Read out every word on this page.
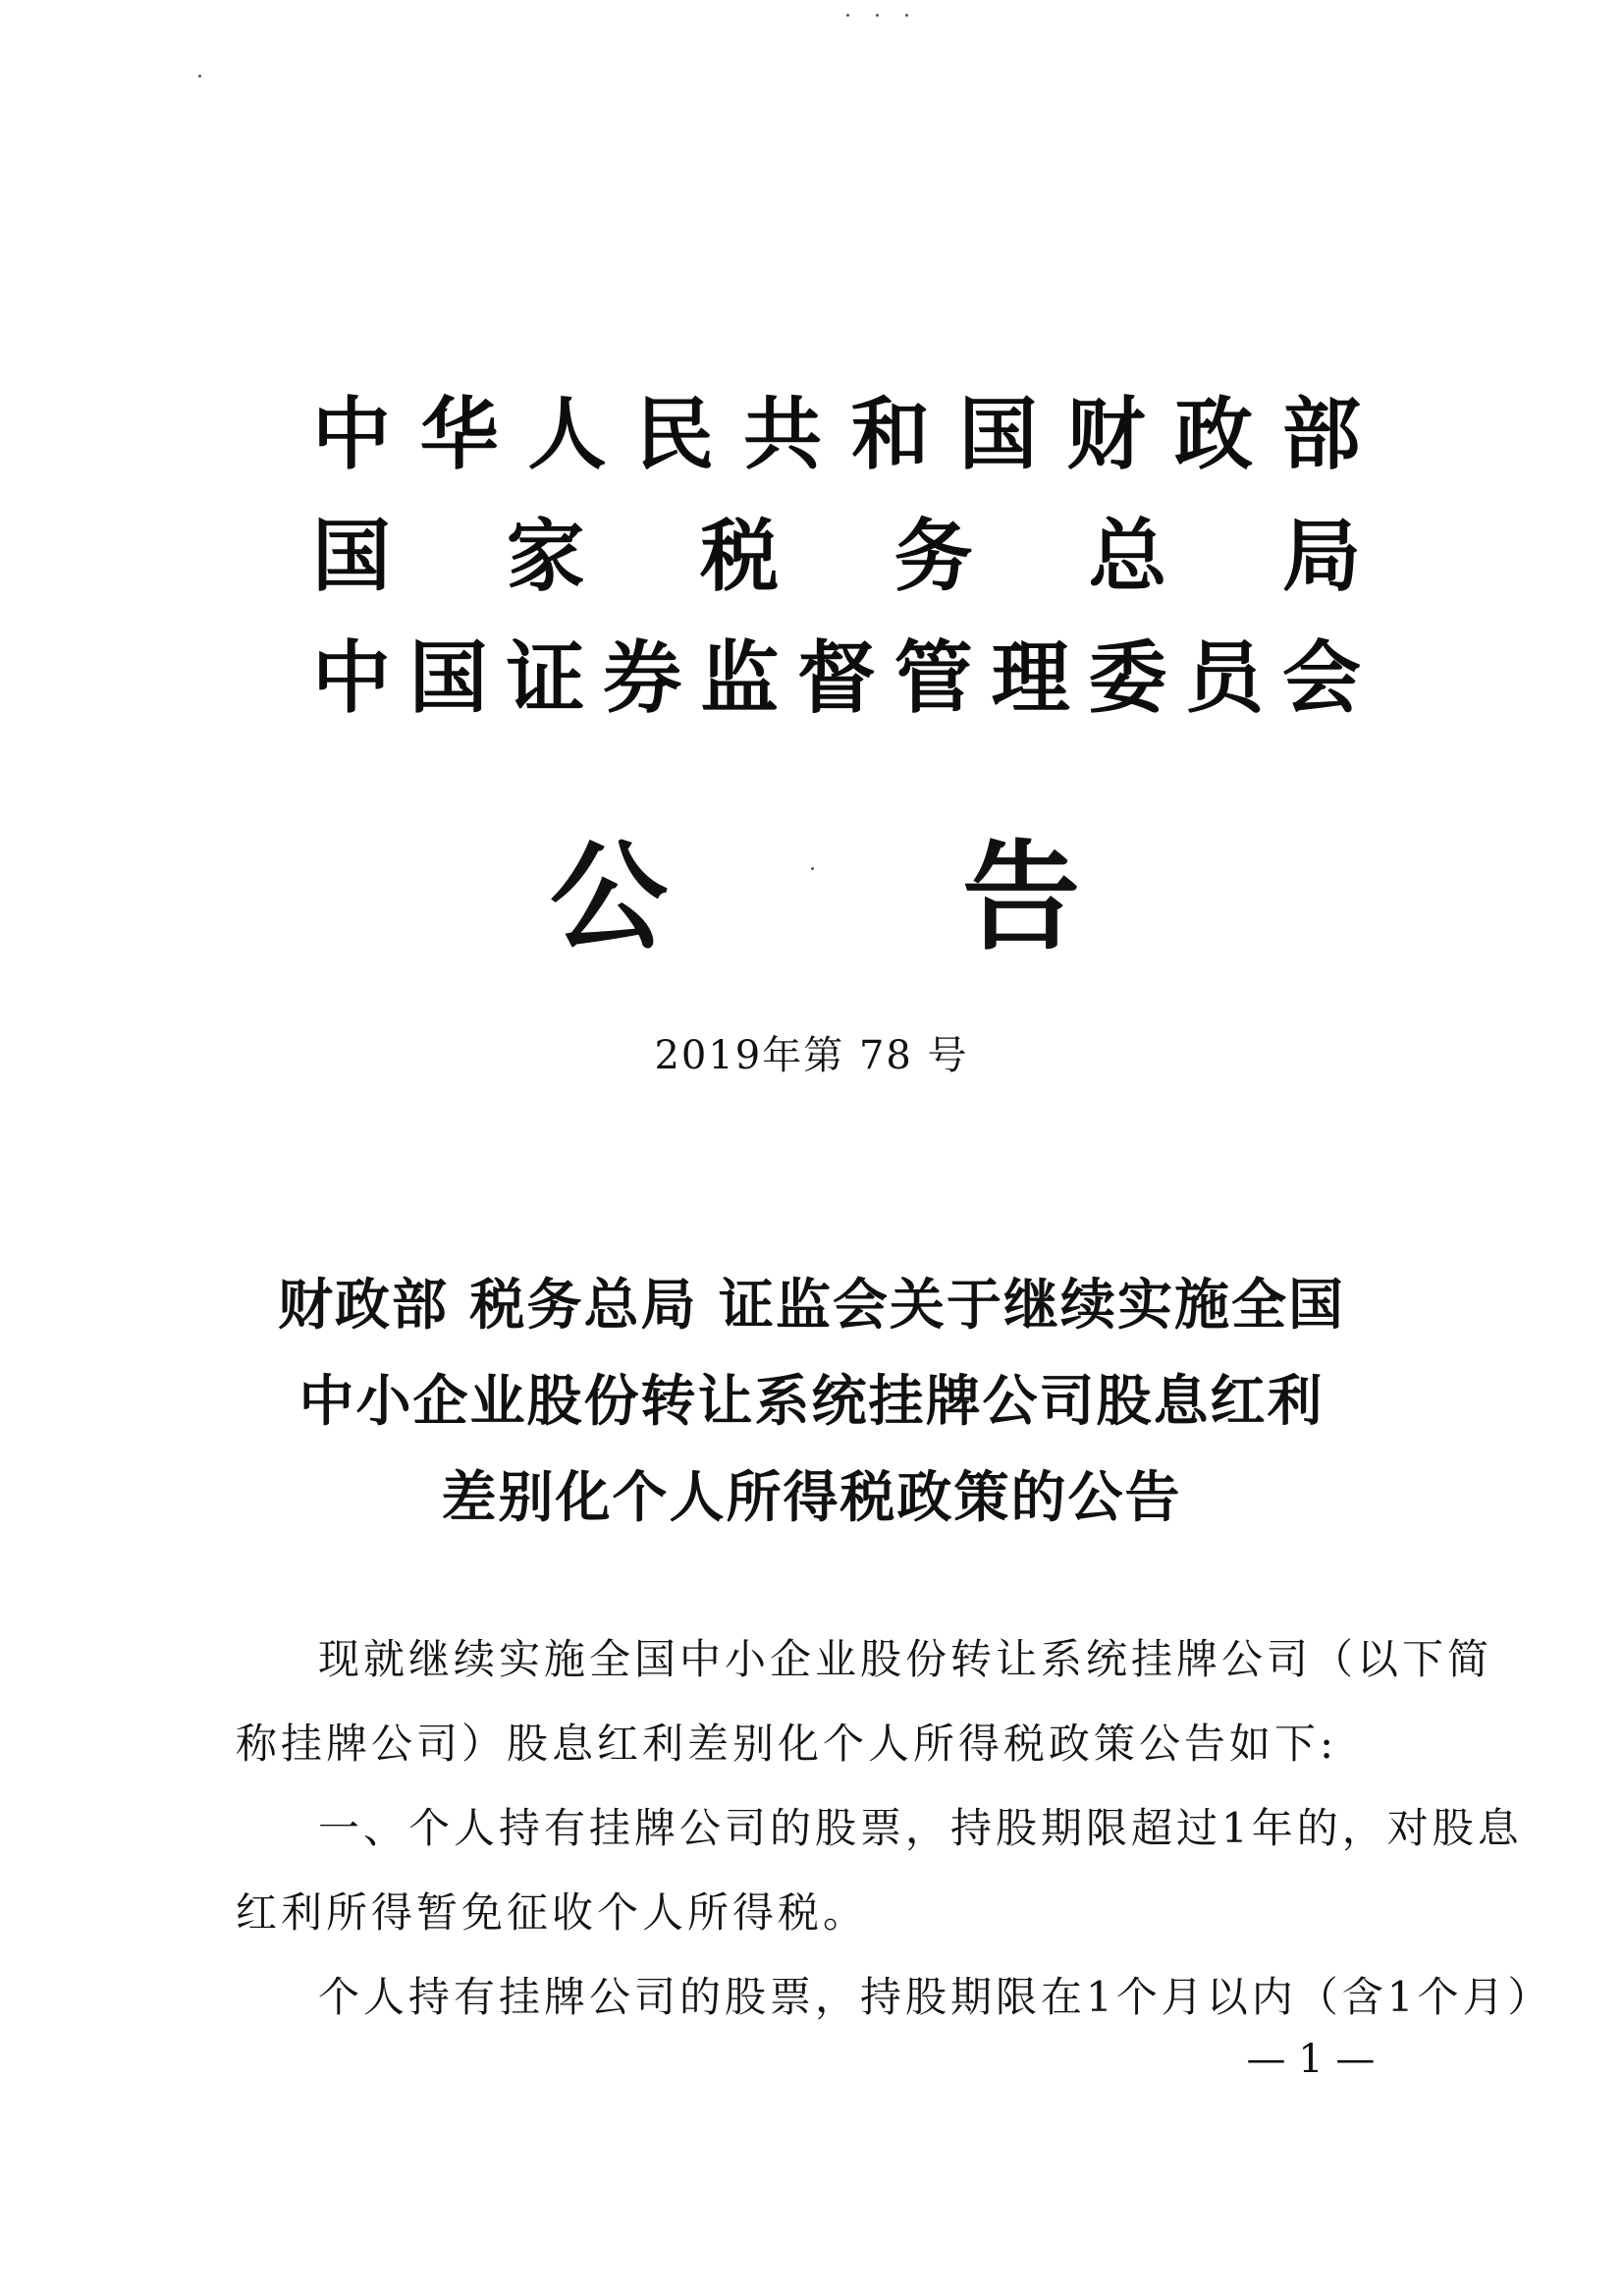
中 华 人 民 共 和 国 财 政 部
国 家 税 务 总 局
中 国 证 券 监 督 管 理 委 员 会
公	告
2019年第 78 号
财政部 税务总局 证监会关于继续实施全国
中小企业股份转让系统挂牌公司股息红利
差别化个人所得税政策的公告
现就继续实施全国中小企业股份转让系统挂牌公司（以下简
称挂牌公司）股息红利差别化个人所得税政策公告如下:
一、个人持有挂牌公司的股票，持股期限超过1年的，对股息
红利所得暂免征收个人所得税。
个人持有挂牌公司的股票，持股期限在1个月以内（含1个月）
— 1 —
